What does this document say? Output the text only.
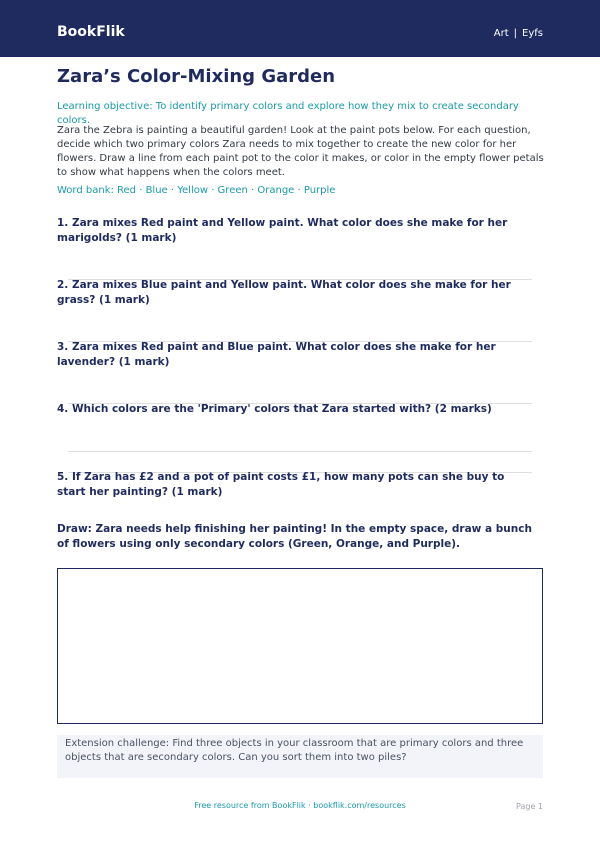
BookFlik	Art | Eyfs
Zara’s Color-Mixing Garden
Learning objective: To identify primary colors and explore how they mix to create secondary colors.
Zara the Zebra is painting a beautiful garden! Look at the paint pots below. For each question, decide which two primary colors Zara needs to mix together to create the new color for her flowers. Draw a line from each paint pot to the color it makes, or color in the empty flower petals to show what happens when the colors meet.
Word bank: Red · Blue · Yellow · Green · Orange · Purple
1. Zara mixes Red paint and Yellow paint. What color does she make for her marigolds? (1 mark)
2. Zara mixes Blue paint and Yellow paint. What color does she make for her grass? (1 mark)
3. Zara mixes Red paint and Blue paint. What color does she make for her lavender? (1 mark)
4. Which colors are the 'Primary' colors that Zara started with? (2 marks)
5. If Zara has £2 and a pot of paint costs £1, how many pots can she buy to start her painting? (1 mark)
Draw: Zara needs help finishing her painting! In the empty space, draw a bunch of flowers using only secondary colors (Green, Orange, and Purple).
Extension challenge: Find three objects in your classroom that are primary colors and three objects that are secondary colors. Can you sort them into two piles?
Free resource from BookFlik · bookflik.com/resources	Page 1
